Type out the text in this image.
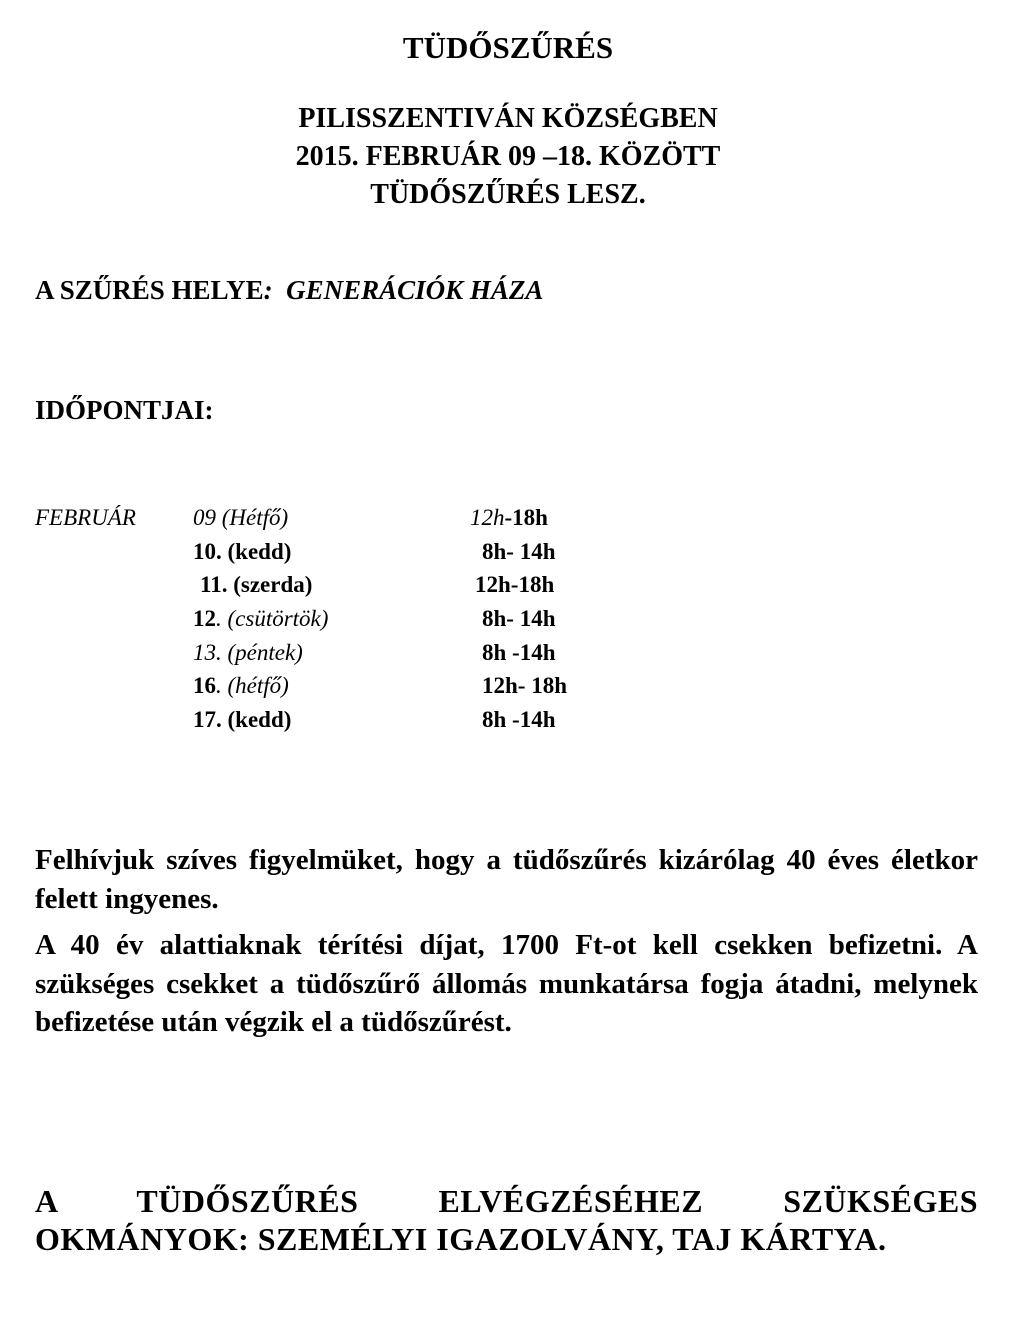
TÜDŐSZŰRÉS
PILISSZENTIVÁN KÖZSÉGBEN
2015. FEBRUÁR 09 –18. KÖZÖTT
TÜDŐSZŰRÉS LESZ.
A SZŰRÉS HELYE: GENERÁCIÓK HÁZA
IDŐPONTJAI:
FEBRUÁR 09 (Hétfő)	12h-18h
10. (kedd)	8h- 14h
11. (szerda)	12h-18h
12. (csütörtök)	8h- 14h
13. (péntek)	8h -14h
16. (hétfő)	12h- 18h
17. (kedd)	8h -14h
Felhívjuk szíves figyelmüket, hogy a tüdőszűrés kizárólag 40 éves életkor felett ingyenes.
A 40 év alattiaknak térítési díjat, 1700 Ft-ot kell csekken befizetni. A szükséges csekket a tüdőszűrő állomás munkatársa fogja átadni, melynek befizetése után végzik el a tüdőszűrést.
A TÜDŐSZŰRÉS ELVÉGZÉSÉHEZ SZÜKSÉGES OKMÁNYOK: SZEMÉLYI IGAZOLVÁNY, TAJ KÁRTYA.
